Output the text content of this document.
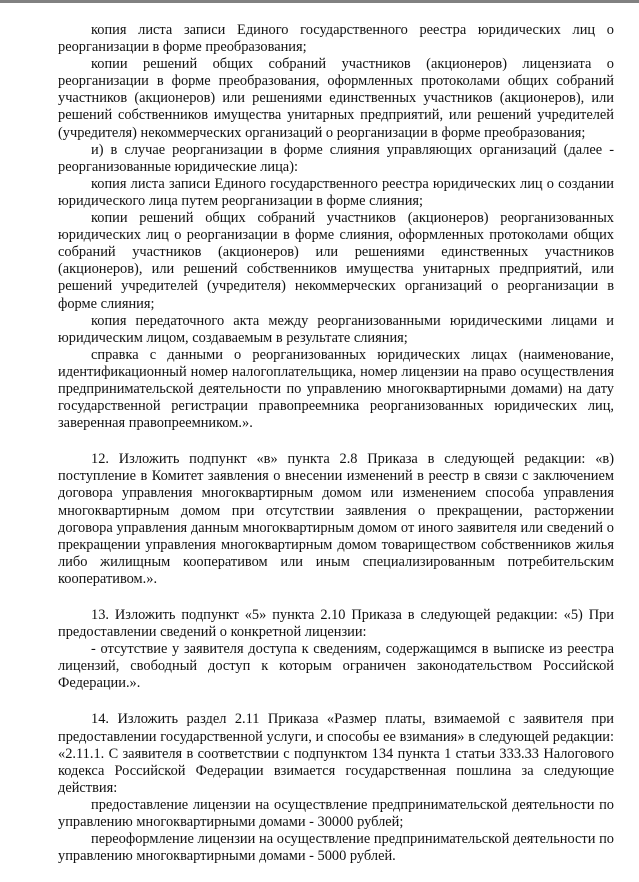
копия листа записи Единого государственного реестра юридических лиц о реорганизации в форме преобразования;

копии решений общих собраний участников (акционеров) лицензиата о реорганизации в форме преобразования, оформленных протоколами общих собраний участников (акционеров) или решениями единственных участников (акционеров), или решений собственников имущества унитарных предприятий, или решений учредителей (учредителя) некоммерческих организаций о реорганизации в форме преобразования;

и) в случае реорганизации в форме слияния управляющих организаций (далее - реорганизованные юридические лица):

копия листа записи Единого государственного реестра юридических лиц о создании юридического лица путем реорганизации в форме слияния;

копии решений общих собраний участников (акционеров) реорганизованных юридических лиц о реорганизации в форме слияния, оформленных протоколами общих собраний участников (акционеров) или решениями единственных участников (акционеров), или решений собственников имущества унитарных предприятий, или решений учредителей (учредителя) некоммерческих организаций о реорганизации в форме слияния;

копия передаточного акта между реорганизованными юридическими лицами и юридическим лицом, создаваемым в результате слияния;

справка с данными о реорганизованных юридических лицах (наименование, идентификационный номер налогоплательщика, номер лицензии на право осуществления предпринимательской деятельности по управлению многоквартирными домами) на дату государственной регистрации правопреемника реорганизованных юридических лиц, заверенная правопреемником.».

12. Изложить подпункт «в» пункта 2.8 Приказа в следующей редакции: «в) поступление в Комитет заявления о внесении изменений в реестр в связи с заключением договора управления многоквартирным домом или изменением способа управления многоквартирным домом при отсутствии заявления о прекращении, расторжении договора управления данным многоквартирным домом от иного заявителя или сведений о прекращении управления многоквартирным домом товариществом собственников жилья либо жилищным кооперативом или иным специализированным потребительским кооперативом.».

13. Изложить подпункт «5» пункта 2.10 Приказа в следующей редакции: «5) При предоставлении сведений о конкретной лицензии:

- отсутствие у заявителя доступа к сведениям, содержащимся в выписке из реестра лицензий, свободный доступ к которым ограничен законодательством Российской Федерации.».

14. Изложить раздел 2.11 Приказа «Размер платы, взимаемой с заявителя при предоставлении государственной услуги, и способы ее взимания» в следующей редакции: «2.11.1. С заявителя в соответствии с подпунктом 134 пункта 1 статьи 333.33 Налогового кодекса Российской Федерации взимается государственная пошлина за следующие действия:

предоставление лицензии на осуществление предпринимательской деятельности по управлению многоквартирными домами - 30000 рублей;

переоформление лицензии на осуществление предпринимательской деятельности по управлению многоквартирными домами - 5000 рублей.
